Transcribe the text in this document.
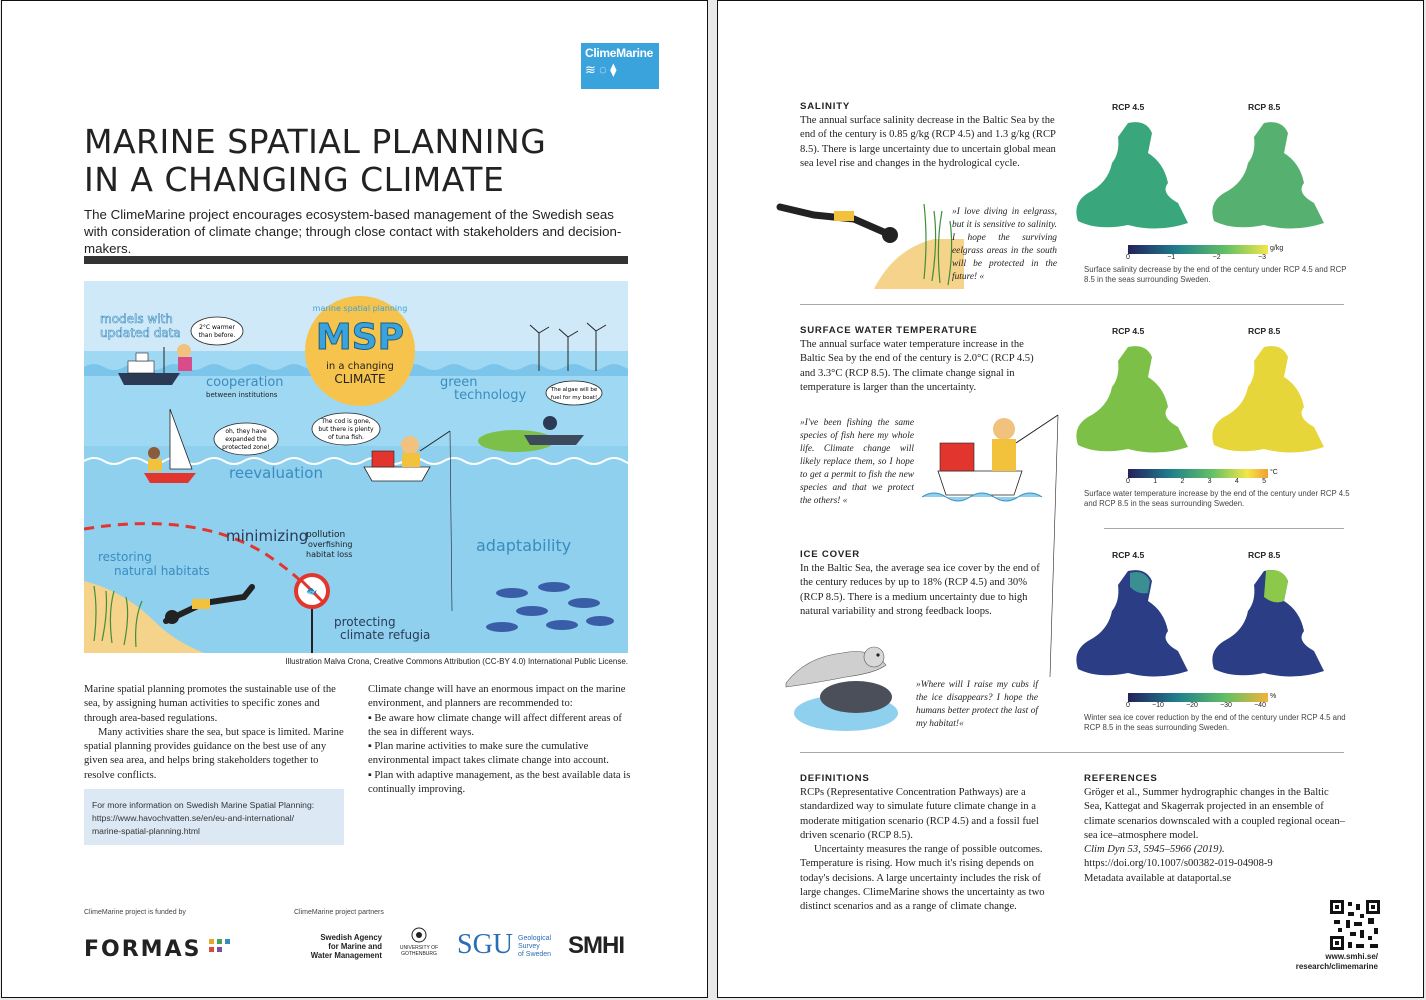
ClimeMarine
≋ ◌ ⧫
MARINE SPATIAL PLANNING
IN A CHANGING CLIMATE
The ClimeMarine project encourages ecosystem-based management of the Swedish seas with consideration of climate change; through close contact with stakeholders and decision-makers.
marine spatial planning
MSP
in a changing
CLIMATE
models with
updated data	2°C warmer
than before.
cooperation
between institutions
green
technology	The algae will be
fuel for my boat!
oh, they have
expanded the
protected zone!
The cod is gone,
but there is plenty
of tuna fish.
reevaluation
minimizing
pollution
overfishing
habitat loss	adaptability
restoring
natural habitats
🐟
protecting
climate refugia
Illustration Malva Crona, Creative Commons Attribution (CC-BY 4.0) International Public License.

Marine spatial planning promotes the sustainable use of the sea, by assigning human activities to specific zones and through area-based regulations.

Many activities share the sea, but space is limited. Marine spatial planning provides guidance on the best use of any given sea area, and helps bring stakeholders together to resolve conflicts.

For more information on Swedish Marine Spatial Planning:
https://www.havochvatten.se/en/eu-and-international/
marine-spatial-planning.html

Climate change will have an enormous impact on the marine environment, and planners are recommended to:

▪ Be aware how climate change will affect different areas of the sea in different ways.

▪ Plan marine activities to make sure the cumulative environmental impact takes climate change into account.

▪ Plan with adaptive management, as the best available data is continually improving.

ClimeMarine project is funded by	ClimeMarine project partners
FORMAS	Swedish Agency
for Marine and
Water Management
UNIVERSITY OF
GOTHENBURG SGU Geological
Survey
of Sweden SMHI
SALINITY
The annual surface salinity decrease in the Baltic Sea by the end of the century is 0.85 g/kg (RCP 4.5) and 1.3 g/kg (RCP 8.5). There is large uncertainty due to uncertain global mean sea level rise and changes in the hydrological cycle.
»I love diving in eelgrass, but it is sensitive to salinity. I hope the surviving eelgrass areas in the south will be protected in the future! «
RCP 4.5	RCP 8.5
0	−1	−2	−3
g/kg
Surface salinity decrease by the end of the century under RCP 4.5 and RCP 8.5 in the seas surrounding Sweden.
SURFACE WATER TEMPERATURE
The annual surface water temperature increase in the Baltic Sea by the end of the century is 2.0°C (RCP 4.5) and 3.3°C (RCP 8.5). The climate change signal in temperature is larger than the uncertainty.
»I've been fishing the same species of fish here my whole life. Climate change will likely replace them, so I hope to get a permit to fish the new species and that we protect the others! «
RCP 4.5	RCP 8.5
0	1	2	3	4	5
°C
Surface water temperature increase by the end of the century under RCP 4.5 and RCP 8.5 in the seas surrounding Sweden.
ICE COVER
In the Baltic Sea, the average sea ice cover by the end of the century reduces by up to 18% (RCP 4.5) and 30% (RCP 8.5). There is a medium uncertainty due to high natural variability and strong feedback loops.
»Where will I raise my cubs if the ice disappears? I hope the humans better protect the last of my habitat!«
RCP 4.5	RCP 8.5
0	−10	−20	−30	−40
%
Winter sea ice cover reduction by the end of the century under RCP 4.5 and RCP 8.5 in the seas surrounding Sweden.
DEFINITIONS
RCPs (Representative Concentration Pathways) are a standardized way to simulate future climate change in a moderate mitigation scenario (RCP 4.5) and a fossil fuel driven scenario (RCP 8.5).
Uncertainty measures the range of possible outcomes. Temperature is rising. How much it's rising depends on today's decisions. A large uncertainty includes the risk of large changes. ClimeMarine shows the uncertainty as two distinct scenarios and as a range of climate change.
REFERENCES
Gröger et al., Summer hydrographic changes in the Baltic Sea, Kattegat and Skagerrak projected in an ensemble of climate scenarios downscaled with a coupled regional ocean–sea ice–atmosphere model.
Clim Dyn 53, 5945–5966 (2019).
https://doi.org/10.1007/s00382-019-04908-9
Metadata available at dataportal.se
www.smhi.se/
research/climemarine
